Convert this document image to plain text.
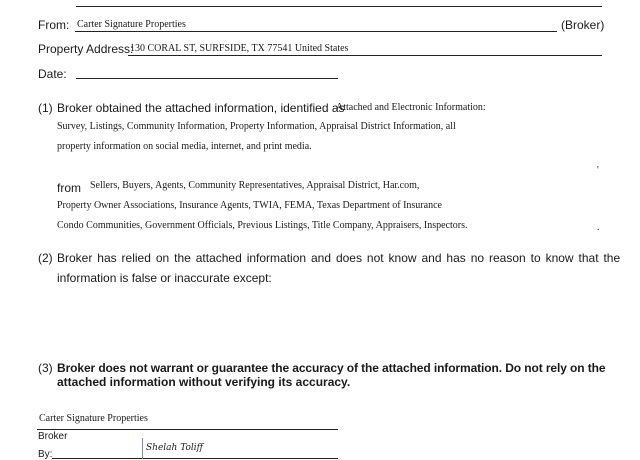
From: Carter Signature Properties	(Broker)
Property Address:
130 CORAL ST, SURFSIDE, TX 77541 United States
Date:
(1) Broker obtained the attached information, identified as
Attached and Electronic Information:
Survey, Listings, Community Information, Property Information, Appraisal District Information, all
property information on social media, internet, and print media.
'
from Sellers, Buyers, Agents, Community Representatives, Appraisal District, Har.com,
Property Owner Associations, Insurance Agents, TWIA, FEMA, Texas Department of Insurance
Condo Communities, Government Officials, Previous Listings, Title Company, Appraisers, Inspectors.	.
(2) Broker has relied on the attached information and does not know and has no reason to know that the
information is false or inaccurate except:
(3) Broker does not warrant or guarantee the accuracy of the attached information. Do not rely on the
attached information without verifying its accuracy.
Carter Signature Properties
Broker
By:
Shelah Toliff
